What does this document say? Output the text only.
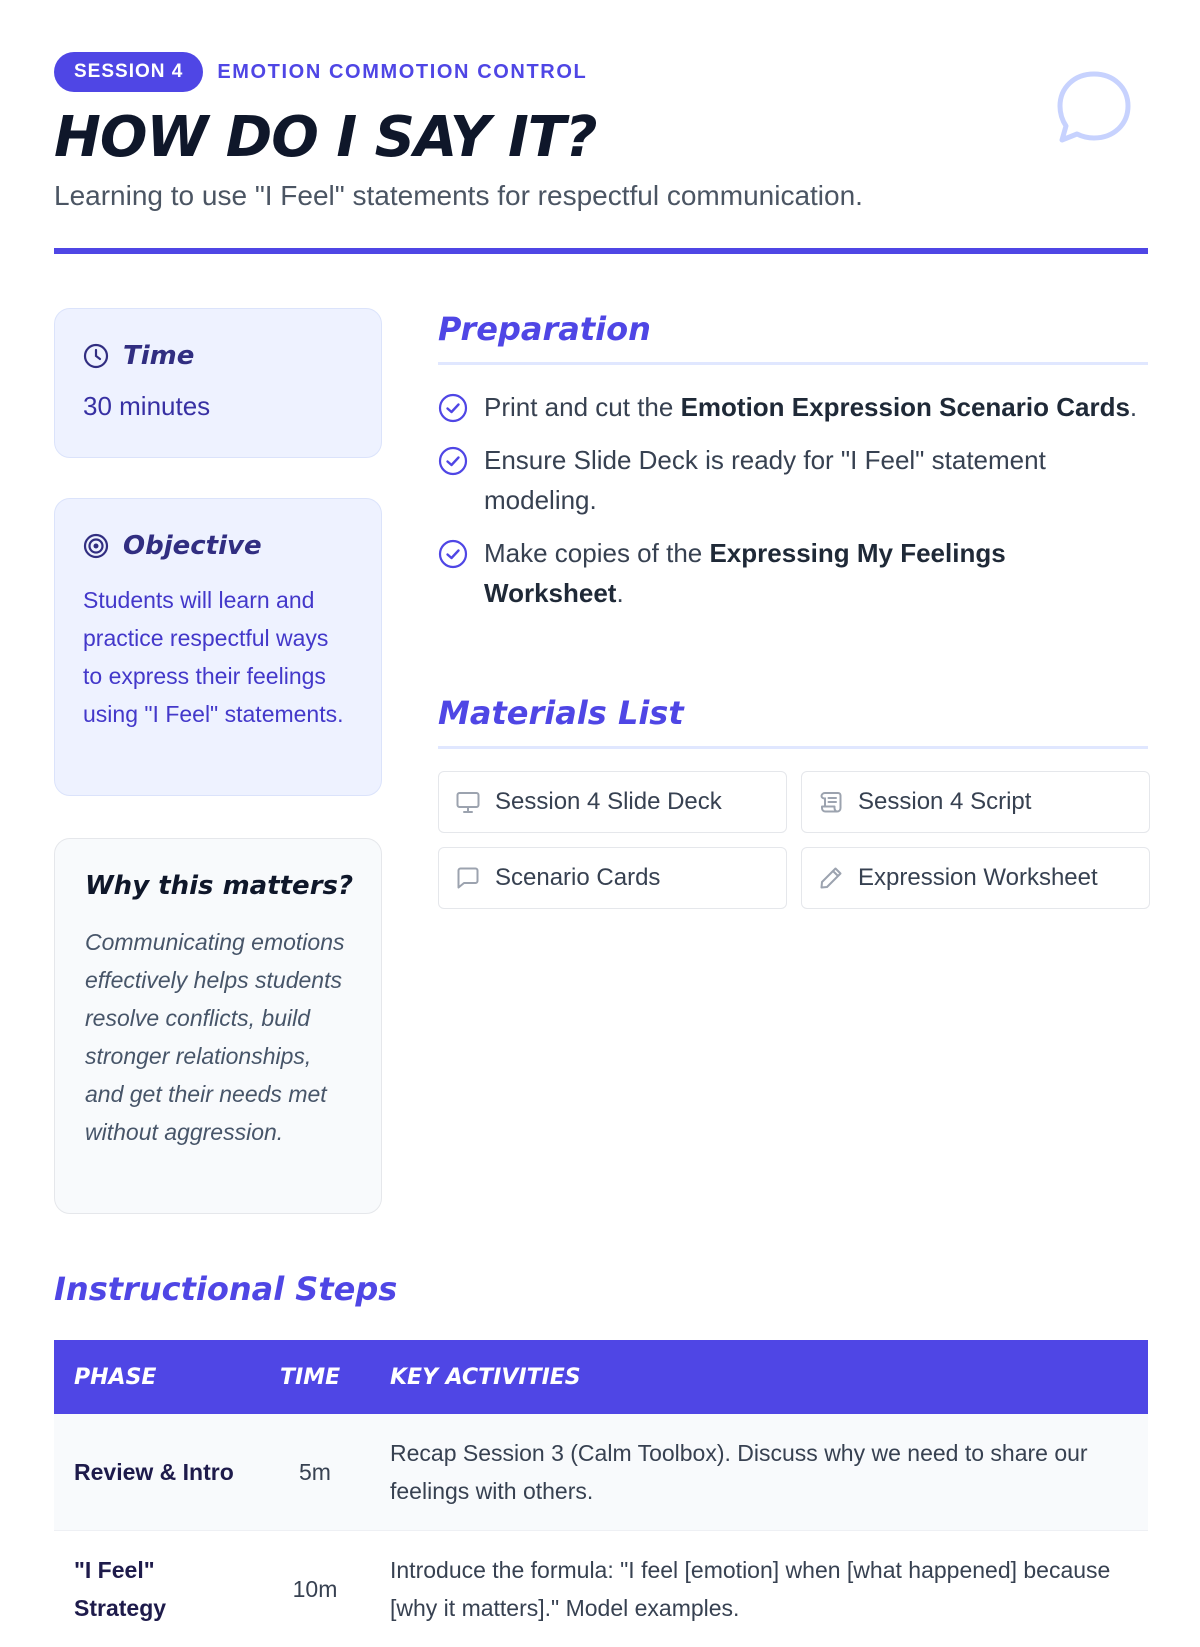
SESSION 4	EMOTION COMMOTION CONTROL
HOW DO I SAY IT?

Learning to use "I Feel" statements for respectful communication.

Time
30 minutes
Objective

Students will learn and practice respectful ways to express their feelings using "I Feel" statements.

Why this matters?

Communicating emotions effectively helps students resolve conflicts, build stronger relationships, and get their needs met without aggression.

Preparation
Print and cut the Emotion Expression Scenario Cards.
Ensure Slide Deck is ready for "I Feel" statement modeling.
Make copies of the Expressing My Feelings Worksheet.
Materials List
Session 4 Slide Deck	Session 4 Script
Scenario Cards	Expression Worksheet
Instructional Steps
PHASE	TIME	KEY ACTIVITIES
Review & Intro	5m	Recap Session 3 (Calm Toolbox). Discuss why we need to share our feelings with others.
"I Feel" Strategy	10m	Introduce the formula: "I feel [emotion] when [what happened] because [why it matters]." Model examples.
